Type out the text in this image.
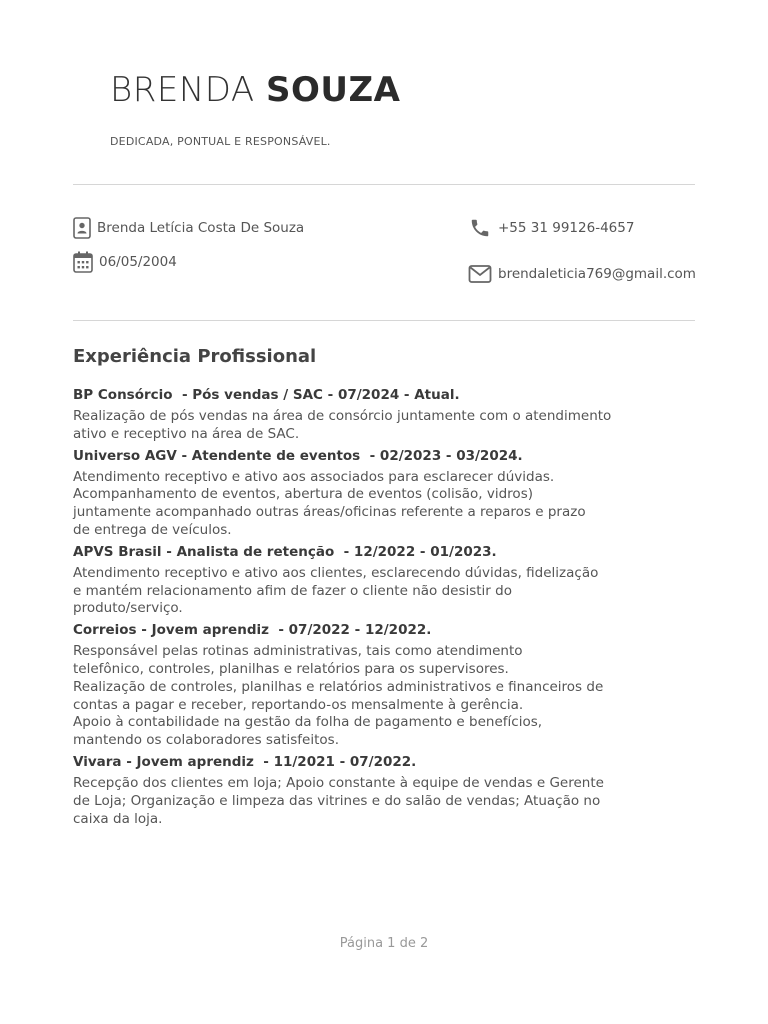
BRENDA SOUZA
DEDICADA, PONTUAL E RESPONSÁVEL.
Brenda Letícia Costa De Souza
06/05/2004
+55 31 99126-4657
brendaleticia769@gmail.com
Experiência Profissional
BP Consórcio  - Pós vendas / SAC - 07/2024 - Atual.
Realização de pós vendas na área de consórcio juntamente com o atendimento
ativo e receptivo na área de SAC.
Universo AGV - Atendente de eventos  - 02/2023 - 03/2024.
Atendimento receptivo e ativo aos associados para esclarecer dúvidas.
Acompanhamento de eventos, abertura de eventos (colisão, vidros)
juntamente acompanhado outras áreas/oficinas referente a reparos e prazo
de entrega de veículos.
APVS Brasil - Analista de retenção  - 12/2022 - 01/2023.
Atendimento receptivo e ativo aos clientes, esclarecendo dúvidas, fidelização
e mantém relacionamento afim de fazer o cliente não desistir do
produto/serviço.
Correios - Jovem aprendiz  - 07/2022 - 12/2022.
Responsável pelas rotinas administrativas, tais como atendimento
telefônico, controles, planilhas e relatórios para os supervisores.
Realização de controles, planilhas e relatórios administrativos e financeiros de
contas a pagar e receber, reportando-os mensalmente à gerência.
Apoio à contabilidade na gestão da folha de pagamento e benefícios,
mantendo os colaboradores satisfeitos.
Vivara - Jovem aprendiz  - 11/2021 - 07/2022.
Recepção dos clientes em loja; Apoio constante à equipe de vendas e Gerente
de Loja; Organização e limpeza das vitrines e do salão de vendas; Atuação no
caixa da loja.
Página 1 de 2
